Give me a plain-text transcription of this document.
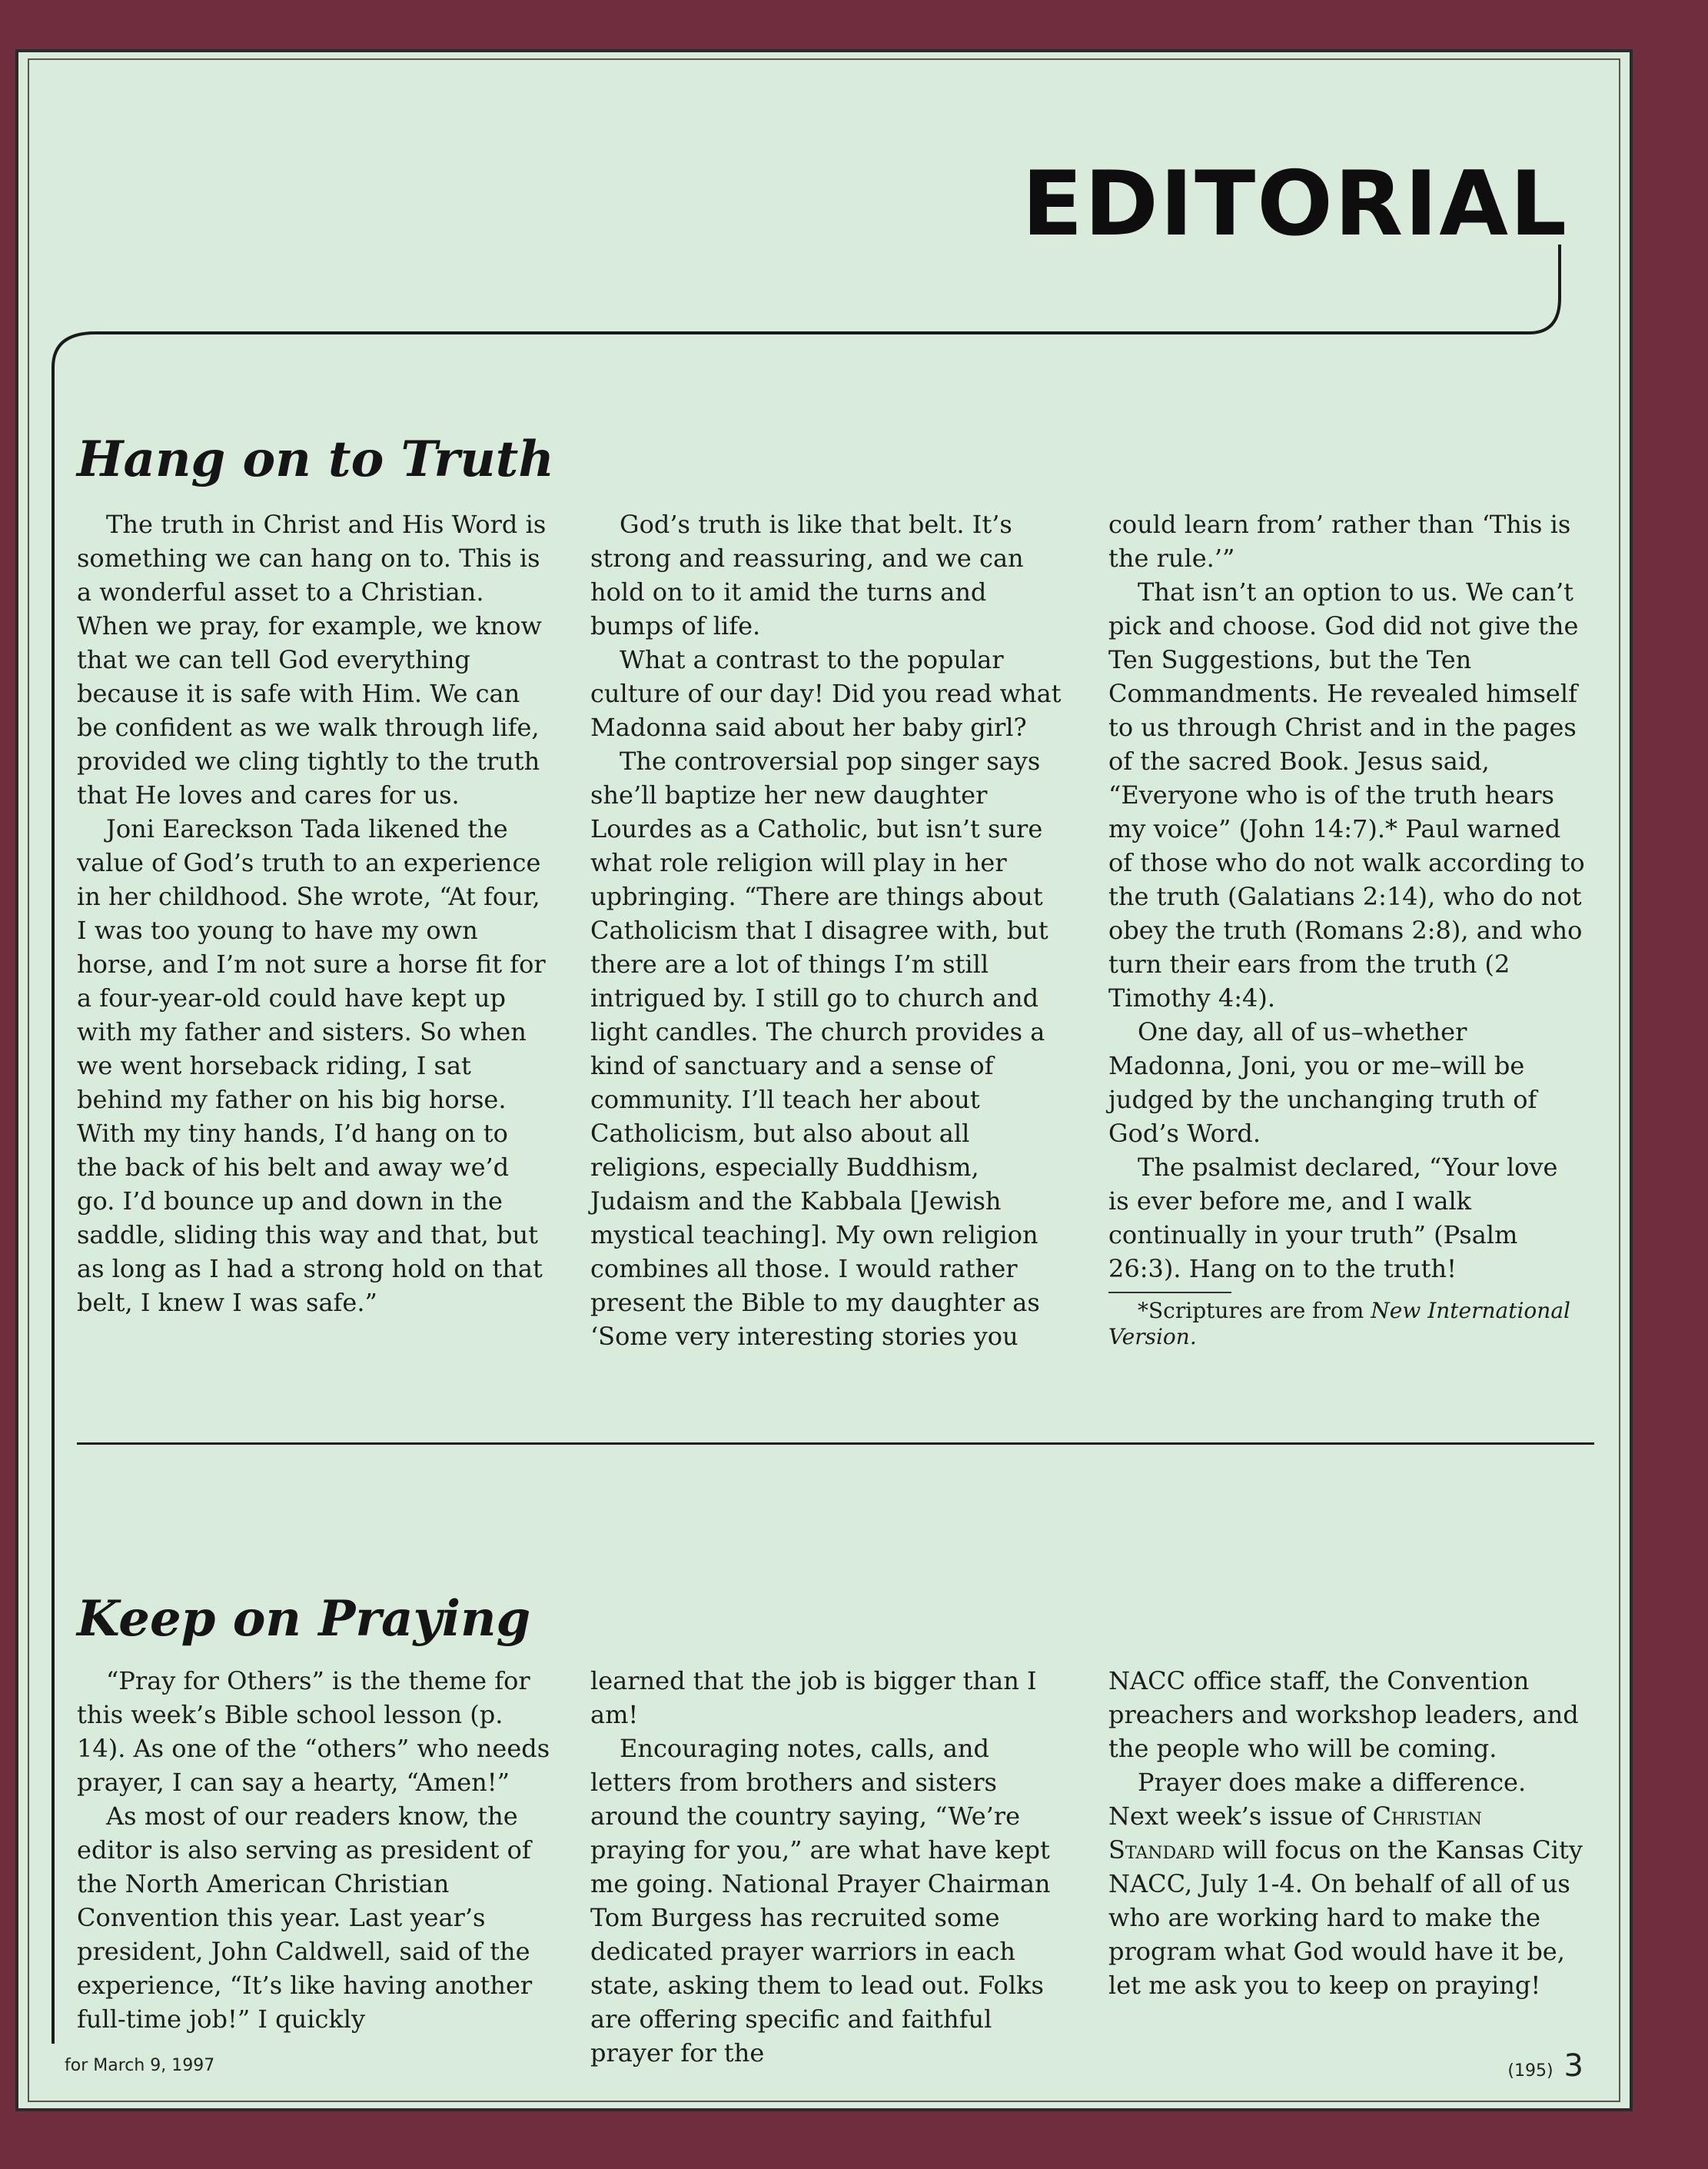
EDITORIAL
Hang on to Truth

The truth in Christ and His Word is something we can hang on to. This is a wonderful asset to a Christian. When we pray, for example, we know that we can tell God everything because it is safe with Him. We can be confident as we walk through life, provided we cling tightly to the truth that He loves and cares for us.

Joni Eareckson Tada likened the value of God’s truth to an experience in her childhood. She wrote, “At four, I was too young to have my own horse, and I’m not sure a horse fit for a four-year-old could have kept up with my father and sisters. So when we went horseback riding, I sat behind my father on his big horse. With my tiny hands, I’d hang on to the back of his belt and away we’d go. I’d bounce up and down in the saddle, sliding this way and that, but as long as I had a strong hold on that belt, I knew I was safe.”

God’s truth is like that belt. It’s strong and reassuring, and we can hold on to it amid the turns and bumps of life.

What a contrast to the popular culture of our day! Did you read what Madonna said about her baby girl?

The controversial pop singer says she’ll baptize her new daughter Lourdes as a Catholic, but isn’t sure what role religion will play in her upbringing. “There are things about Catholicism that I disagree with, but there are a lot of things I’m still intrigued by. I still go to church and light candles. The church provides a kind of sanctuary and a sense of community. I’ll teach her about Catholicism, but also about all religions, especially Buddhism, Judaism and the Kabbala [Jewish mystical teaching]. My own religion combines all those. I would rather present the Bible to my daughter as ‘Some very interesting stories you

could learn from’ rather than ‘This is the rule.’”

That isn’t an option to us. We can’t pick and choose. God did not give the Ten Suggestions, but the Ten Commandments. He revealed himself to us through Christ and in the pages of the sacred Book. Jesus said, “Everyone who is of the truth hears my voice” (John 14:7).* Paul warned of those who do not walk according to the truth (Galatians 2:14), who do not obey the truth (Romans 2:8), and who turn their ears from the truth (2 Timothy 4:4).

One day, all of us–whether Madonna, Joni, you or me–will be judged by the unchanging truth of God’s Word.

The psalmist declared, “Your love is ever before me, and I walk continually in your truth” (Psalm 26:3). Hang on to the truth!

*Scriptures are from New International Version.
Keep on Praying

“Pray for Others” is the theme for this week’s Bible school lesson (p. 14). As one of the “others” who needs prayer, I can say a hearty, “Amen!”

As most of our readers know, the editor is also serving as president of the North American Christian Convention this year. Last year’s president, John Caldwell, said of the experience, “It’s like having another full-time job!” I quickly

learned that the job is bigger than I am!

Encouraging notes, calls, and letters from brothers and sisters around the country saying, “We’re praying for you,” are what have kept me going. National Prayer Chairman Tom Burgess has recruited some dedicated prayer warriors in each state, asking them to lead out. Folks are offering specific and faithful prayer for the

NACC office staff, the Convention preachers and workshop leaders, and the people who will be coming.

Prayer does make a difference. Next week’s issue of Christian Standard will focus on the Kansas City NACC, July 1-4. On behalf of all of us who are working hard to make the program what God would have it be, let me ask you to keep on praying!

for March 9, 1997	(195) 3
